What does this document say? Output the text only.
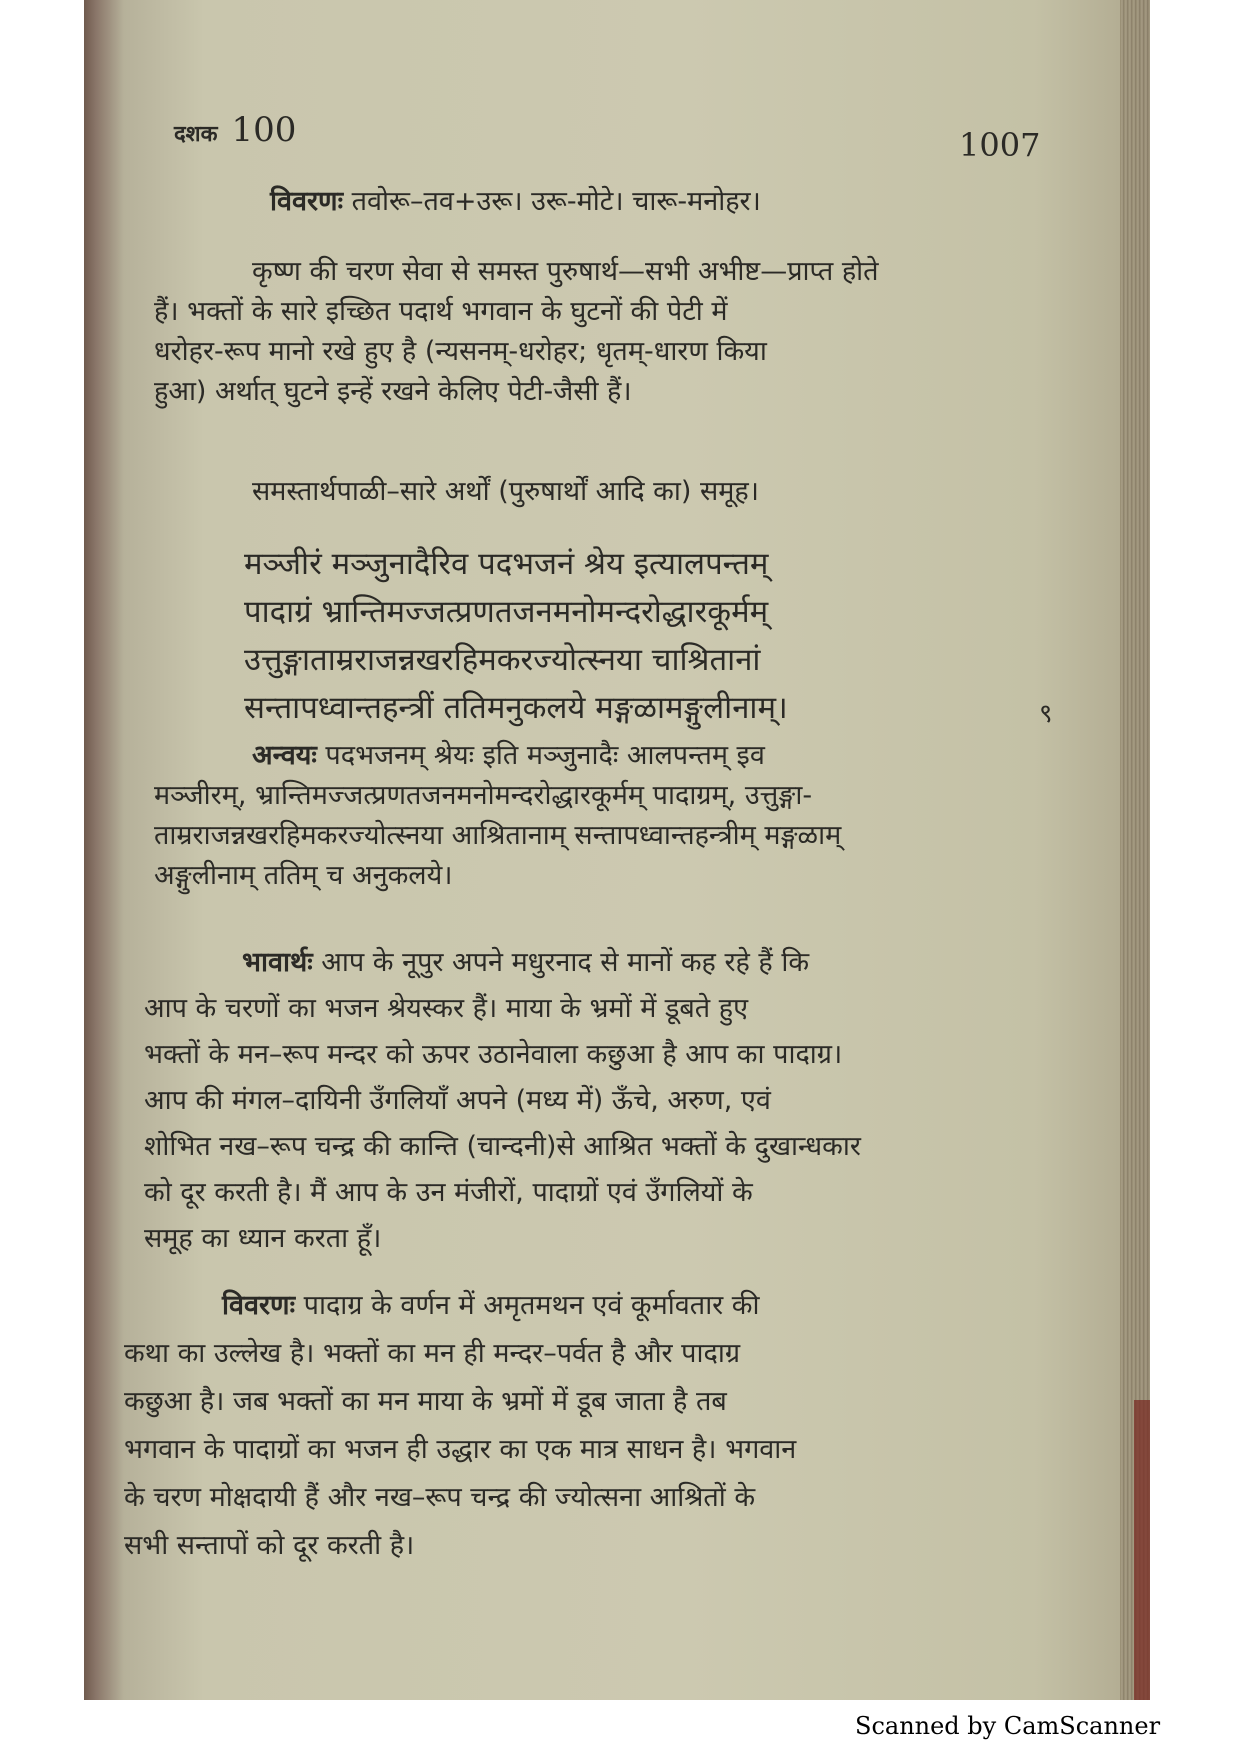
दशक 100	1007

विवरणः तवोरू–तव+उरू। उरू-मोटे। चारू-मनोहर।

कृष्ण की चरण सेवा से समस्त पुरुषार्थ—सभी अभीष्ट—प्राप्त होते

हैं। भक्तों के सारे इच्छित पदार्थ भगवान के घुटनों की पेटी में

धरोहर-रूप मानो रखे हुए है (न्यसनम्-धरोहर; धृतम्-धारण किया

हुआ) अर्थात् घुटने इन्हें रखने केलिए पेटी-जैसी हैं।

समस्तार्थपाळी–सारे अर्थों (पुरुषार्थों आदि का) समूह।

मञ्जीरं मञ्जुनादैरिव पदभजनं श्रेय इत्यालपन्तम्

पादाग्रं भ्रान्तिमज्जत्प्रणतजनमनोमन्दरोद्धारकूर्मम्

उत्तुङ्गाताम्रराजन्नखरहिमकरज्योत्स्नया चाश्रितानां

सन्तापध्वान्तहन्त्रीं ततिमनुकलये मङ्गळामङ्गुलीनाम्।	९

अन्वयः पदभजनम् श्रेयः इति मञ्जुनादैः आलपन्तम् इव

मञ्जीरम्, भ्रान्तिमज्जत्प्रणतजनमनोमन्दरोद्धारकूर्मम् पादाग्रम्, उत्तुङ्गा-

ताम्रराजन्नखरहिमकरज्योत्स्नया आश्रितानाम् सन्तापध्वान्तहन्त्रीम् मङ्गळाम्

अङ्गुलीनाम् ततिम् च अनुकलये।

भावार्थः आप के नूपुर अपने मधुरनाद से मानों कह रहे हैं कि

आप के चरणों का भजन श्रेयस्कर हैं। माया के भ्रमों में डूबते हुए

भक्तों के मन–रूप मन्दर को ऊपर उठानेवाला कछुआ है आप का पादाग्र।

आप की मंगल–दायिनी उँगलियाँ अपने (मध्य में) ऊँचे, अरुण, एवं

शोभित नख–रूप चन्द्र की कान्ति (चान्दनी)से आश्रित भक्तों के दुखान्धकार

को दूर करती है। मैं आप के उन मंजीरों, पादाग्रों एवं उँगलियों के

समूह का ध्यान करता हूँ।

विवरणः पादाग्र के वर्णन में अमृतमथन एवं कूर्मावतार की

कथा का उल्लेख है। भक्तों का मन ही मन्दर–पर्वत है और पादाग्र

कछुआ है। जब भक्तों का मन माया के भ्रमों में डूब जाता है तब

भगवान के पादाग्रों का भजन ही उद्धार का एक मात्र साधन है। भगवान

के चरण मोक्षदायी हैं और नख–रूप चन्द्र की ज्योत्सना आश्रितों के

सभी सन्तापों को दूर करती है।

Scanned by CamScanner
